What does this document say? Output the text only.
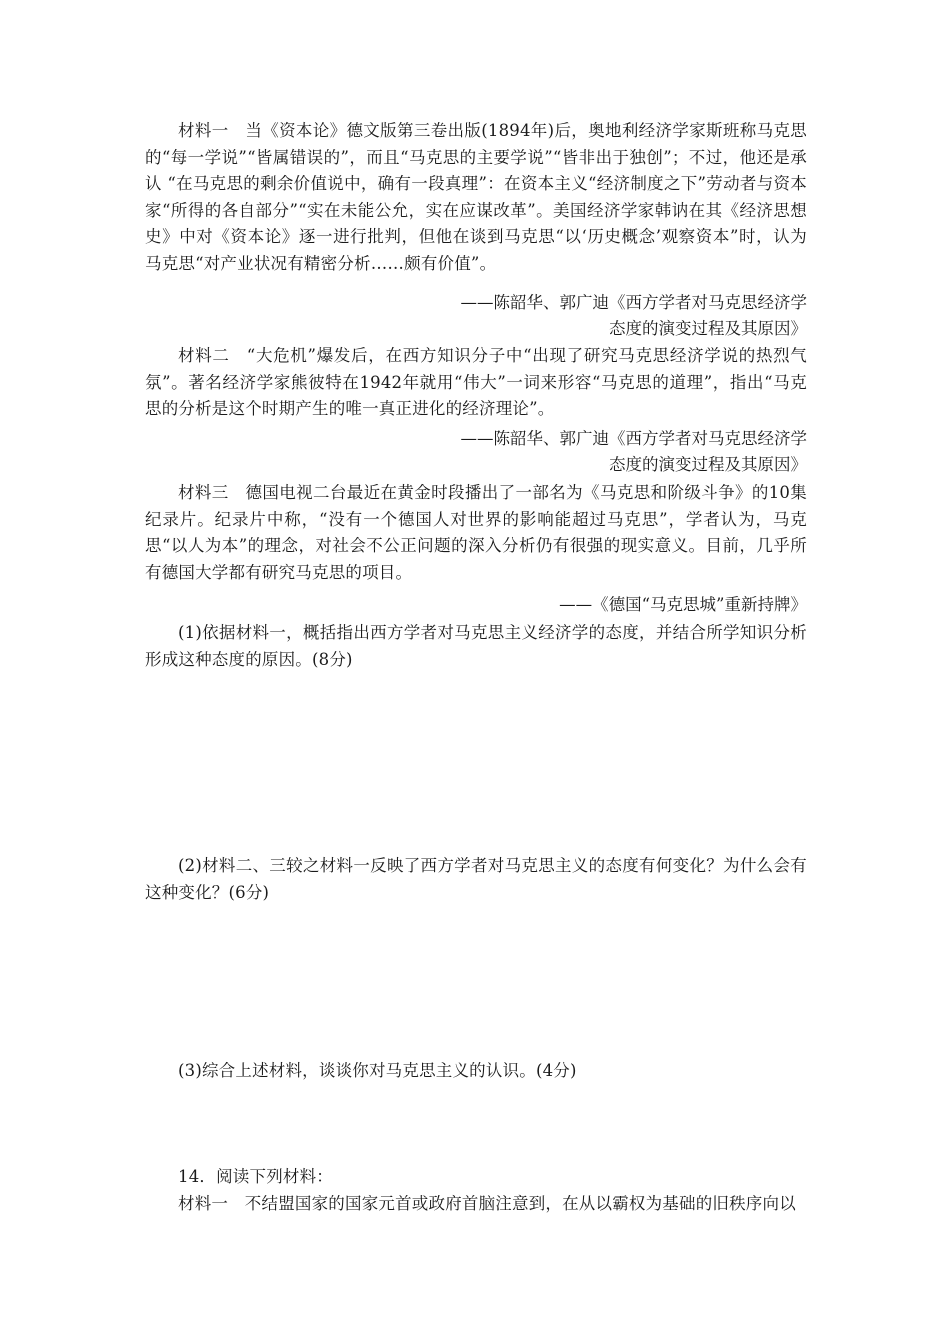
材料一　当《资本论》德文版第三卷出版(1894年)后，奥地利经济学家斯班称马克思的“每一学说”“皆属错误的”，而且“马克思的主要学说”“皆非出于独创”；不过，他还是承认 “在马克思的剩余价值说中，确有一段真理”：在资本主义“经济制度之下”劳动者与资本家“所得的各自部分”“实在未能公允，实在应谋改革”。美国经济学家韩讷在其《经济思想史》中对《资本论》逐一进行批判，但他在谈到马克思“以‘历史概念’观察资本”时，认为马克思“对产业状况有精密分析……颇有价值”。
——陈韶华、郭广迪《西方学者对马克思经济学
态度的演变过程及其原因》
材料二　“大危机”爆发后，在西方知识分子中“出现了研究马克思经济学说的热烈气氛”。著名经济学家熊彼特在1942年就用“伟大”一词来形容“马克思的道理”，指出“马克思的分析是这个时期产生的唯一真正进化的经济理论”。
——陈韶华、郭广迪《西方学者对马克思经济学
态度的演变过程及其原因》
材料三　德国电视二台最近在黄金时段播出了一部名为《马克思和阶级斗争》的10集纪录片。纪录片中称，“没有一个德国人对世界的影响能超过马克思”，学者认为，马克思“以人为本”的理念，对社会不公正问题的深入分析仍有很强的现实意义。目前，几乎所有德国大学都有研究马克思的项目。
——《德国“马克思城”重新持牌》
(1)依据材料一，概括指出西方学者对马克思主义经济学的态度，并结合所学知识分析形成这种态度的原因。(8分)
(2)材料二、三较之材料一反映了西方学者对马克思主义的态度有何变化？为什么会有这种变化？(6分)
(3)综合上述材料，谈谈你对马克思主义的认识。(4分)
14．阅读下列材料：
材料一　不结盟国家的国家元首或政府首脑注意到，在从以霸权为基础的旧秩序向以
